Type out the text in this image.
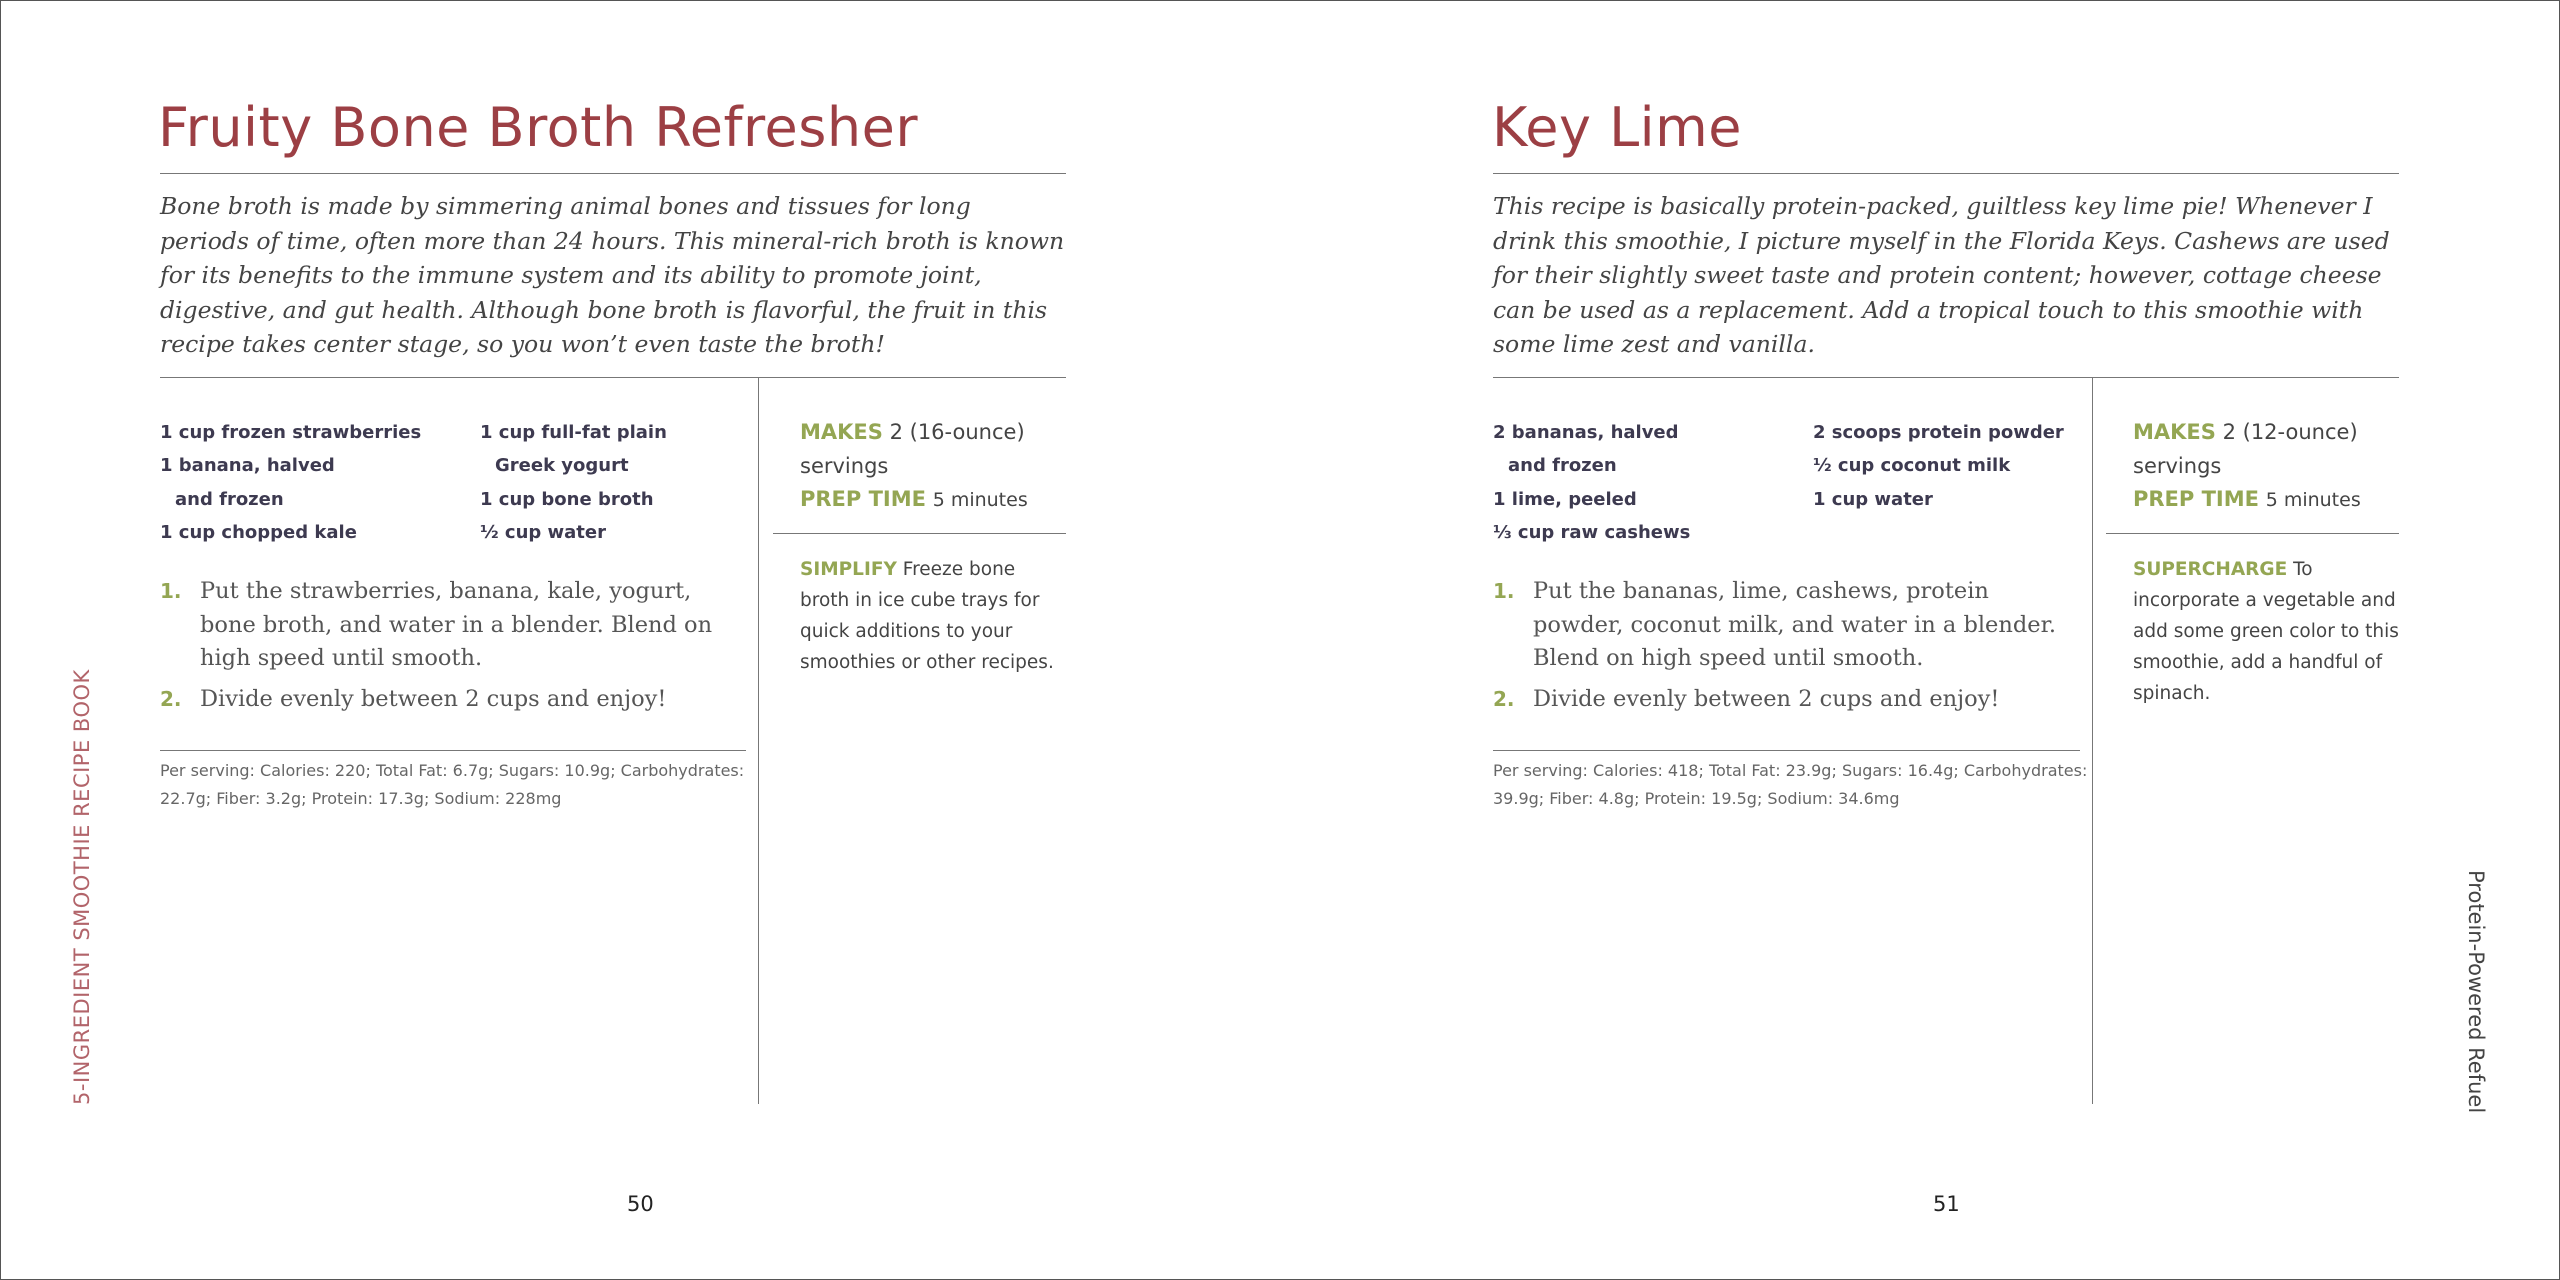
Fruity Bone Broth Refresher

Bone broth is made by simmering animal bones and tissues for long periods of time, often more than 24 hours. This mineral-rich broth is known for its benefits to the immune system and its ability to promote joint, digestive, and gut health. Although bone broth is flavorful, the fruit in this recipe takes center stage, so you won’t even taste the broth!

1 cup frozen strawberries
1 banana, halved
and frozen
1 cup chopped kale
1 cup full-fat plain
Greek yogurt
1 cup bone broth
½ cup water
1. Put the strawberries, banana, kale, yogurt, bone broth, and water in a blender. Blend on high speed until smooth.
2. Divide evenly between 2 cups and enjoy!

Per serving: Calories: 220; Total Fat: 6.7g; Sugars: 10.9g; Carbohydrates: 22.7g; Fiber: 3.2g; Protein: 17.3g; Sodium: 228mg

MAKES 2 (16-ounce) servings
PREP TIME 5 minutes

SIMPLIFY Freeze bone broth in ice cube trays for quick additions to your smoothies or other recipes.

50
5-INGREDIENT SMOOTHIE RECIPE BOOK
Key Lime

This recipe is basically protein-packed, guiltless key lime pie! Whenever I drink this smoothie, I picture myself in the Florida Keys. Cashews are used for their slightly sweet taste and protein content; however, cottage cheese can be used as a replacement. Add a tropical touch to this smoothie with some lime zest and vanilla.

2 bananas, halved
and frozen
1 lime, peeled
⅓ cup raw cashews
2 scoops protein powder
½ cup coconut milk
1 cup water
1. Put the bananas, lime, cashews, protein powder, coconut milk, and water in a blender. Blend on high speed until smooth.
2. Divide evenly between 2 cups and enjoy!

Per serving: Calories: 418; Total Fat: 23.9g; Sugars: 16.4g; Carbohydrates: 39.9g; Fiber: 4.8g; Protein: 19.5g; Sodium: 34.6mg

MAKES 2 (12-ounce) servings
PREP TIME 5 minutes

SUPERCHARGE To incorporate a vegetable and add some green color to this smoothie, add a handful of spinach.

51
Protein-Powered Refuel
